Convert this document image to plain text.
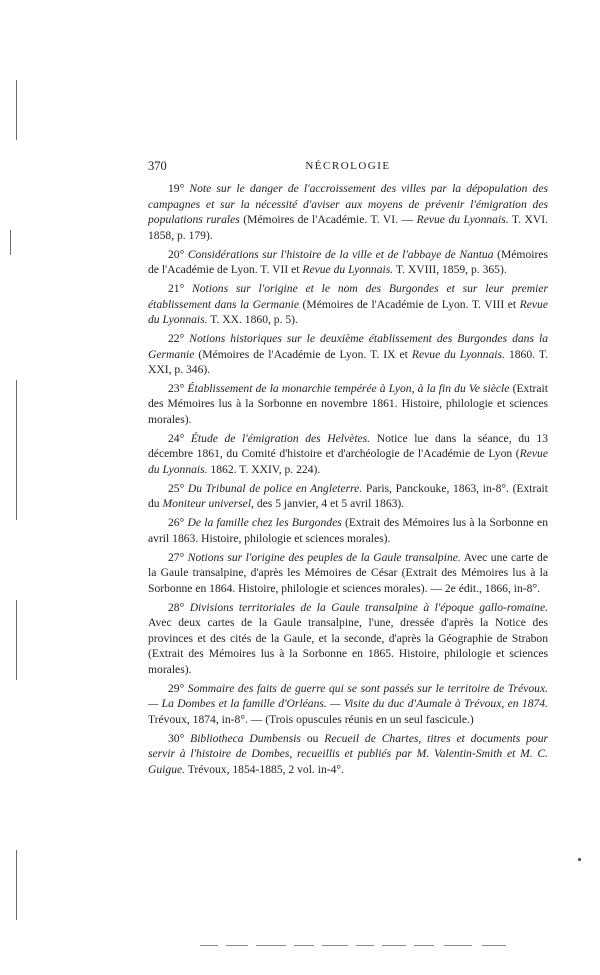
370	NÉCROLOGIE

19° Note sur le danger de l'accroissement des villes par la dépopulation des campagnes et sur la nécessité d'aviser aux moyens de prévenir l'émigration des populations rurales (Mémoires de l'Académie. T. VI. — Revue du Lyonnais. T. XVI. 1858, p. 179).

20° Considérations sur l'histoire de la ville et de l'abbaye de Nantua (Mémoires de l'Académie de Lyon. T. VII et Revue du Lyonnais. T. XVIII, 1859, p. 365).

21° Notions sur l'origine et le nom des Burgondes et sur leur premier établissement dans la Germanie (Mémoires de l'Académie de Lyon. T. VIII et Revue du Lyonnais. T. XX. 1860, p. 5).

22° Notions historiques sur le deuxième établissement des Burgondes dans la Germanie (Mémoires de l'Académie de Lyon. T. IX et Revue du Lyonnais. 1860. T. XXI, p. 346).

23° Établissement de la monarchie tempérée à Lyon, à la fin du Ve siècle (Extrait des Mémoires lus à la Sorbonne en novembre 1861. Histoire, philologie et sciences morales).

24° Étude de l'émigration des Helvètes. Notice lue dans la séance, du 13 décembre 1861, du Comité d'histoire et d'archéologie de l'Académie de Lyon (Revue du Lyonnais. 1862. T. XXIV, p. 224).

25° Du Tribunal de police en Angleterre. Paris, Panckouke, 1863, in-8°. (Extrait du Moniteur universel, des 5 janvier, 4 et 5 avril 1863).

26° De la famille chez les Burgondes (Extrait des Mémoires lus à la Sorbonne en avril 1863. Histoire, philologie et sciences morales).

27° Notions sur l'origine des peuples de la Gaule transalpine. Avec une carte de la Gaule transalpine, d'après les Mémoires de César (Extrait des Mémoires lus à la Sorbonne en 1864. Histoire, philologie et sciences morales). — 2e édit., 1866, in-8°.

28° Divisions territoriales de la Gaule transalpine à l'époque gallo-romaine. Avec deux cartes de la Gaule transalpine, l'une, dressée d'après la Notice des provinces et des cités de la Gaule, et la seconde, d'après la Géographie de Strabon (Extrait des Mémoires lus à la Sorbonne en 1865. Histoire, philologie et sciences morales).

29° Sommaire des faits de guerre qui se sont passés sur le territoire de Trévoux. — La Dombes et la famille d'Orléans. — Visite du duc d'Aumale à Trévoux, en 1874. Trévoux, 1874, in-8°. — (Trois opuscules réunis en un seul fascicule.)

30° Bibliotheca Dumbensis ou Recueil de Chartes, titres et documents pour servir à l'histoire de Dombes, recueillis et publiés par M. Valentin-Smith et M. C. Guigue. Trévoux, 1854-1885, 2 vol. in-4°.
